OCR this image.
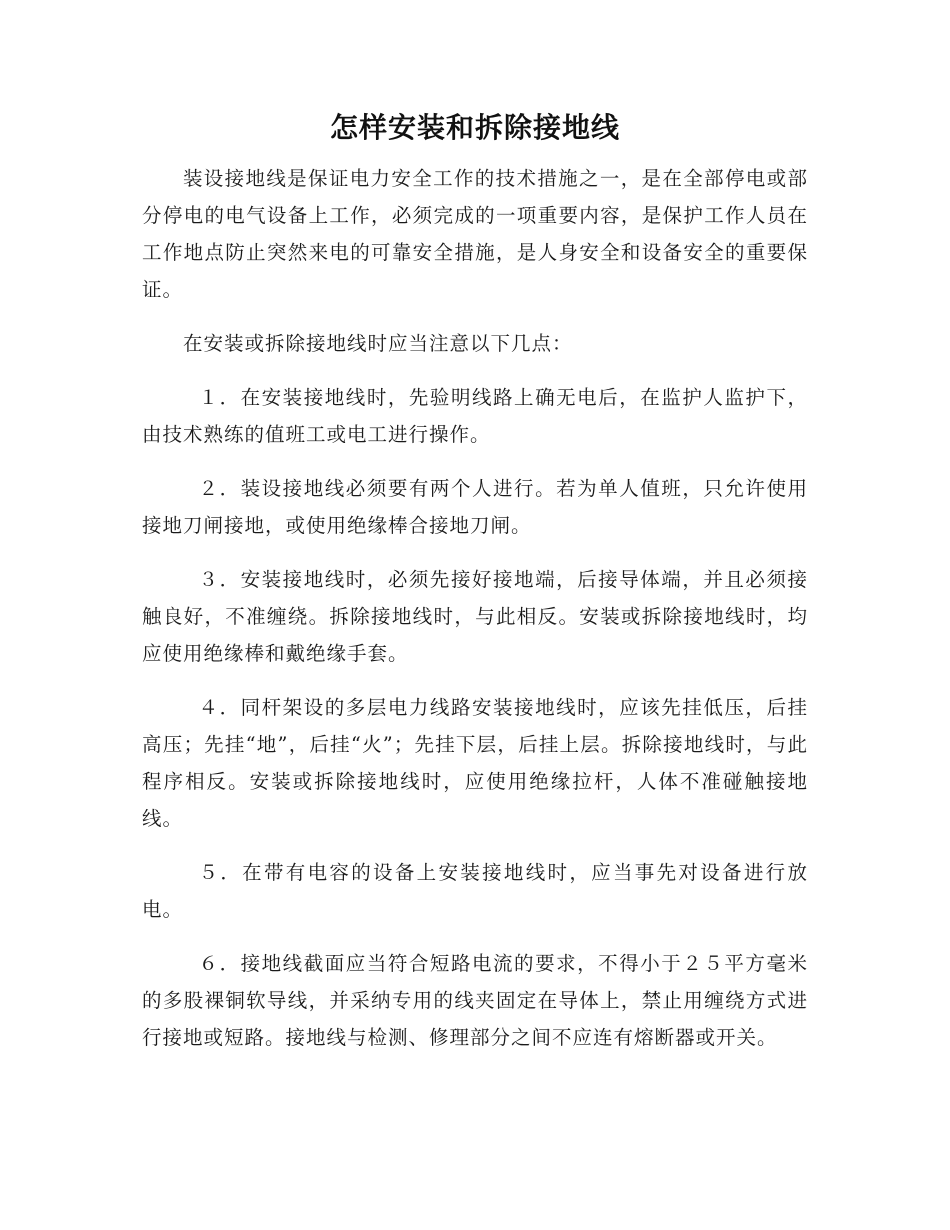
怎样安装和拆除接地线

装设接地线是保证电力安全工作的技术措施之一，是在全部停电或部分停电的电气设备上工作，必须完成的一项重要内容，是保护工作人员在工作地点防止突然来电的可靠安全措施，是人身安全和设备安全的重要保证。

在安装或拆除接地线时应当注意以下几点：

１．在安装接地线时，先验明线路上确无电后，在监护人监护下，由技术熟练的值班工或电工进行操作。

２．装设接地线必须要有两个人进行。若为单人值班，只允许使用接地刀闸接地，或使用绝缘棒合接地刀闸。

３．安装接地线时，必须先接好接地端，后接导体端，并且必须接触良好，不准缠绕。拆除接地线时，与此相反。安装或拆除接地线时，均应使用绝缘棒和戴绝缘手套。

４．同杆架设的多层电力线路安装接地线时，应该先挂低压，后挂高压；先挂“地”，后挂“火”；先挂下层，后挂上层。拆除接地线时，与此程序相反。安装或拆除接地线时，应使用绝缘拉杆，人体不准碰触接地线。

５．在带有电容的设备上安装接地线时，应当事先对设备进行放电。

６．接地线截面应当符合短路电流的要求，不得小于２５平方毫米的多股裸铜软导线，并采纳专用的线夹固定在导体上，禁止用缠绕方式进行接地或短路。接地线与检测、修理部分之间不应连有熔断器或开关。
